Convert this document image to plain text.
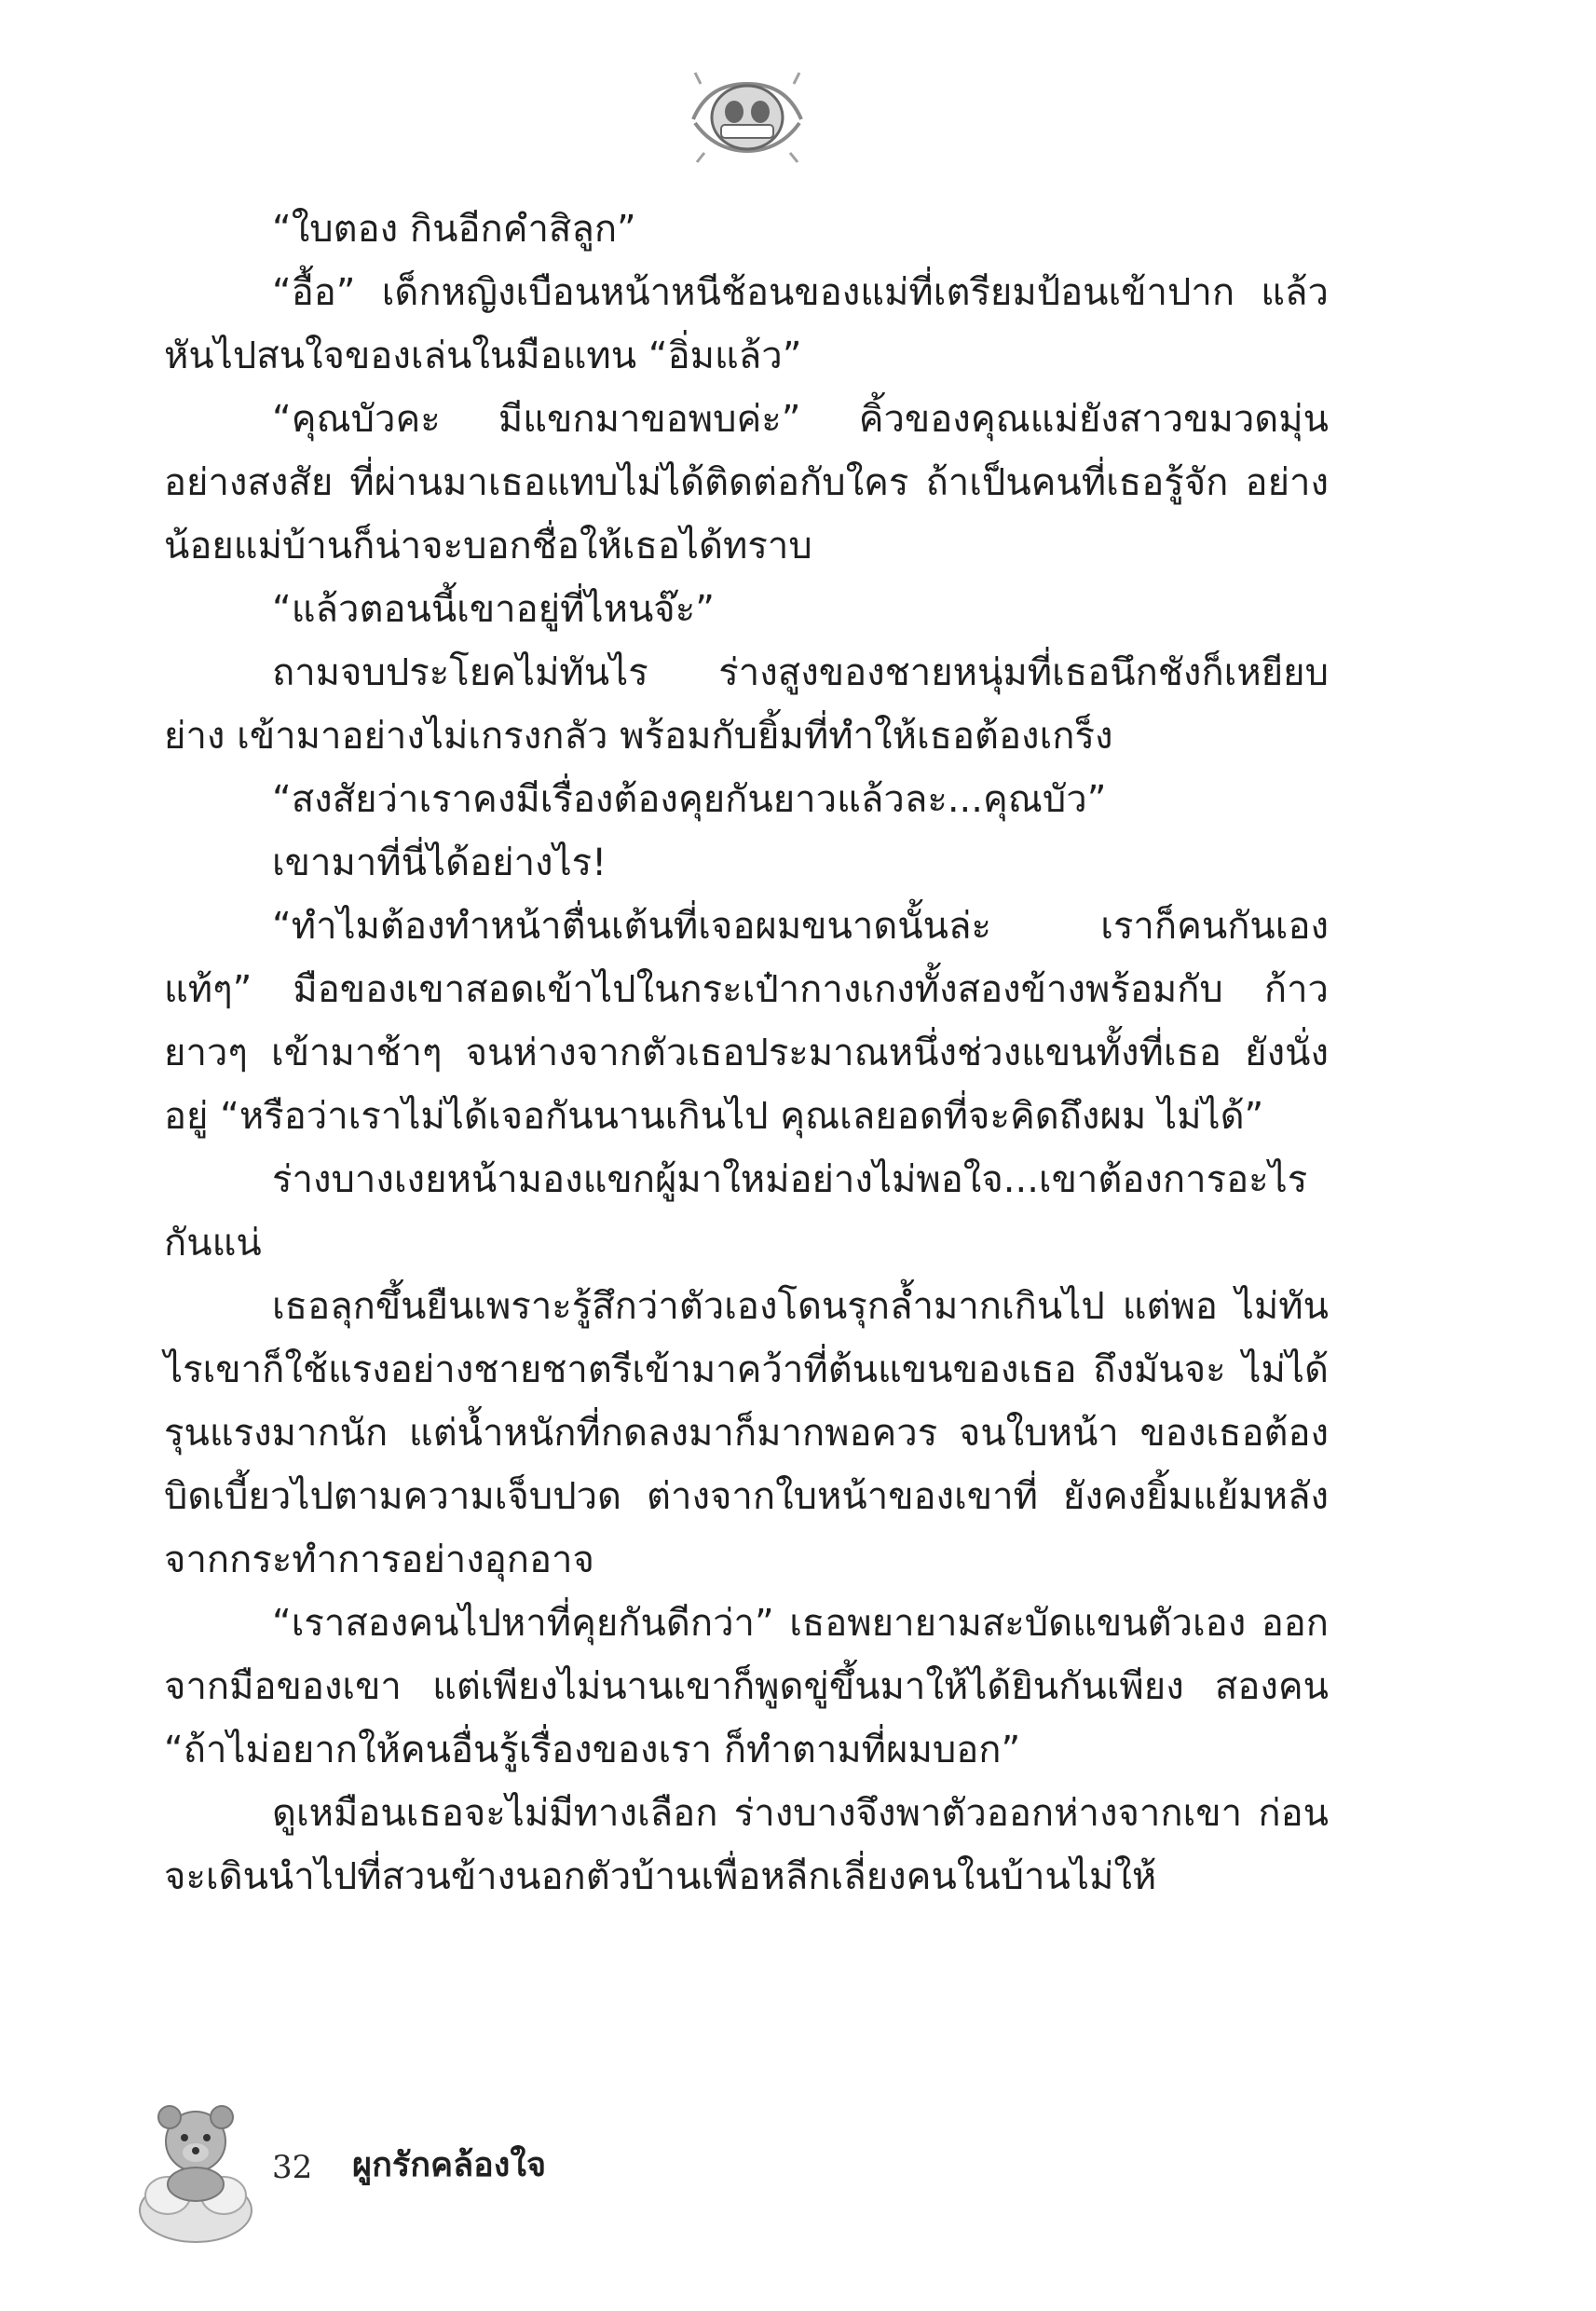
“ใบตอง กินอีกคำสิลูก”

“อื้อ” เด็กหญิงเบือนหน้าหนีช้อนของแม่ที่เตรียมป้อนเข้าปาก แล้วหันไปสนใจของเล่นในมือแทน “อิ่มแล้ว”

“คุณบัวคะ มีแขกมาขอพบค่ะ” คิ้วของคุณแม่ยังสาวขมวดมุ่น อย่างสงสัย ที่ผ่านมาเธอแทบไม่ได้ติดต่อกับใคร ถ้าเป็นคนที่เธอรู้จัก อย่างน้อยแม่บ้านก็น่าจะบอกชื่อให้เธอได้ทราบ

“แล้วตอนนี้เขาอยู่ที่ไหนจ๊ะ”

ถามจบประโยคไม่ทันไร ร่างสูงของชายหนุ่มที่เธอนึกชังก็เหยียบย่าง เข้ามาอย่างไม่เกรงกลัว พร้อมกับยิ้มที่ทำให้เธอต้องเกร็ง

“สงสัยว่าเราคงมีเรื่องต้องคุยกันยาวแล้วละ...คุณบัว”

เขามาที่นี่ได้อย่างไร!

“ทำไมต้องทำหน้าตื่นเต้นที่เจอผมขนาดนั้นล่ะ เราก็คนกันเอง แท้ๆ” มือของเขาสอดเข้าไปในกระเป๋ากางเกงทั้งสองข้างพร้อมกับ ก้าวยาวๆ เข้ามาช้าๆ จนห่างจากตัวเธอประมาณหนึ่งช่วงแขนทั้งที่เธอ ยังนั่งอยู่ “หรือว่าเราไม่ได้เจอกันนานเกินไป คุณเลยอดที่จะคิดถึงผม ไม่ได้”

ร่างบางเงยหน้ามองแขกผู้มาใหม่อย่างไม่พอใจ...เขาต้องการอะไร กันแน่

เธอลุกขึ้นยืนเพราะรู้สึกว่าตัวเองโดนรุกล้ำมากเกินไป แต่พอ ไม่ทันไรเขาก็ใช้แรงอย่างชายชาตรีเข้ามาคว้าที่ต้นแขนของเธอ ถึงมันจะ ไม่ได้รุนแรงมากนัก แต่น้ำหนักที่กดลงมาก็มากพอควร จนใบหน้า ของเธอต้องบิดเบี้ยวไปตามความเจ็บปวด ต่างจากใบหน้าของเขาที่ ยังคงยิ้มแย้มหลังจากกระทำการอย่างอุกอาจ

“เราสองคนไปหาที่คุยกันดีกว่า” เธอพยายามสะบัดแขนตัวเอง ออกจากมือของเขา แต่เพียงไม่นานเขาก็พูดขู่ขึ้นมาให้ได้ยินกันเพียง สองคน “ถ้าไม่อยากให้คนอื่นรู้เรื่องของเรา ก็ทำตามที่ผมบอก”

ดูเหมือนเธอจะไม่มีทางเลือก ร่างบางจึงพาตัวออกห่างจากเขา ก่อนจะเดินนำไปที่สวนข้างนอกตัวบ้านเพื่อหลีกเลี่ยงคนในบ้านไม่ให้

32 ผูกรักคล้องใจ
